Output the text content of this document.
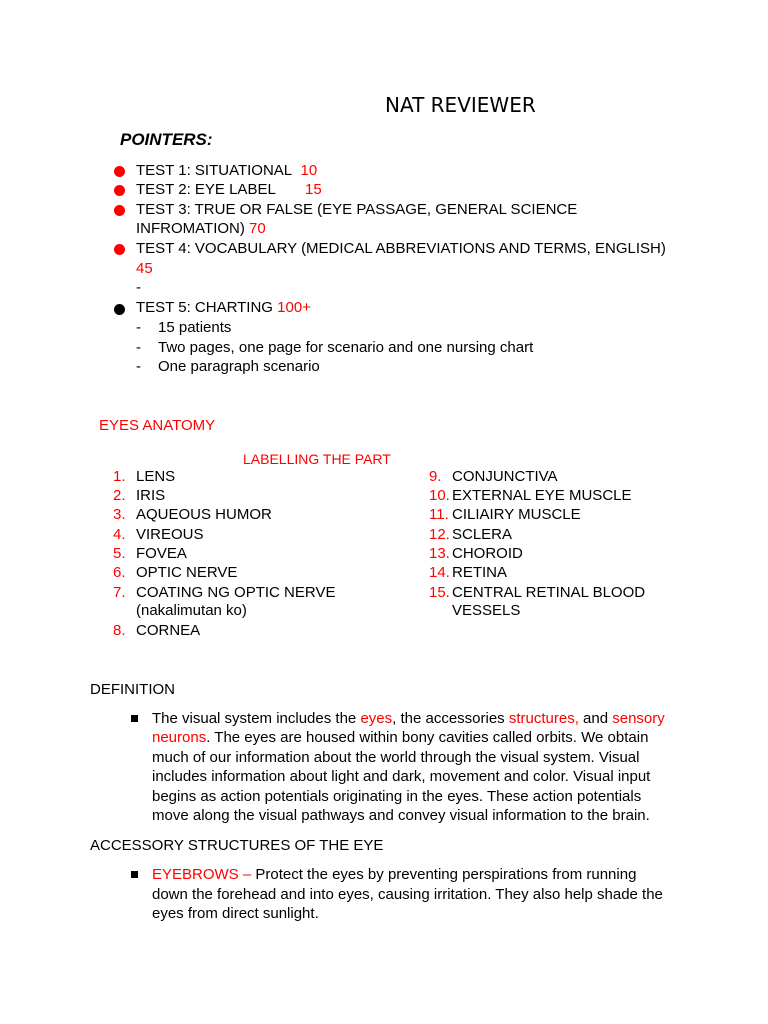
NAT REVIEWER
POINTERS:
TEST 1: SITUATIONAL 10
TEST 2: EYE LABEL 15
TEST 3: TRUE OR FALSE (EYE PASSAGE, GENERAL SCIENCE
INFROMATION) 70
TEST 4: VOCABULARY (MEDICAL ABBREVIATIONS AND TERMS, ENGLISH)
45
-
TEST 5: CHARTING 100+
- 15 patients
- Two pages, one page for scenario and one nursing chart
- One paragraph scenario
EYES ANATOMY
LABELLING THE PART
1. LENS
2. IRIS
3. AQUEOUS HUMOR
4. VIREOUS
5. FOVEA
6. OPTIC NERVE
7. COATING NG OPTIC NERVE
(nakalimutan ko)
8. CORNEA
9. CONJUNCTIVA
10. EXTERNAL EYE MUSCLE
11. CILIAIRY MUSCLE
12. SCLERA
13. CHOROID
14. RETINA
15. CENTRAL RETINAL BLOOD
VESSELS
DEFINITION
The visual system includes the eyes, the accessories structures, and sensory
neurons. The eyes are housed within bony cavities called orbits. We obtain
much of our information about the world through the visual system. Visual
includes information about light and dark, movement and color. Visual input
begins as action potentials originating in the eyes. These action potentials
move along the visual pathways and convey visual information to the brain.
ACCESSORY STRUCTURES OF THE EYE
EYEBROWS – Protect the eyes by preventing perspirations from running
down the forehead and into eyes, causing irritation. They also help shade the
eyes from direct sunlight.
